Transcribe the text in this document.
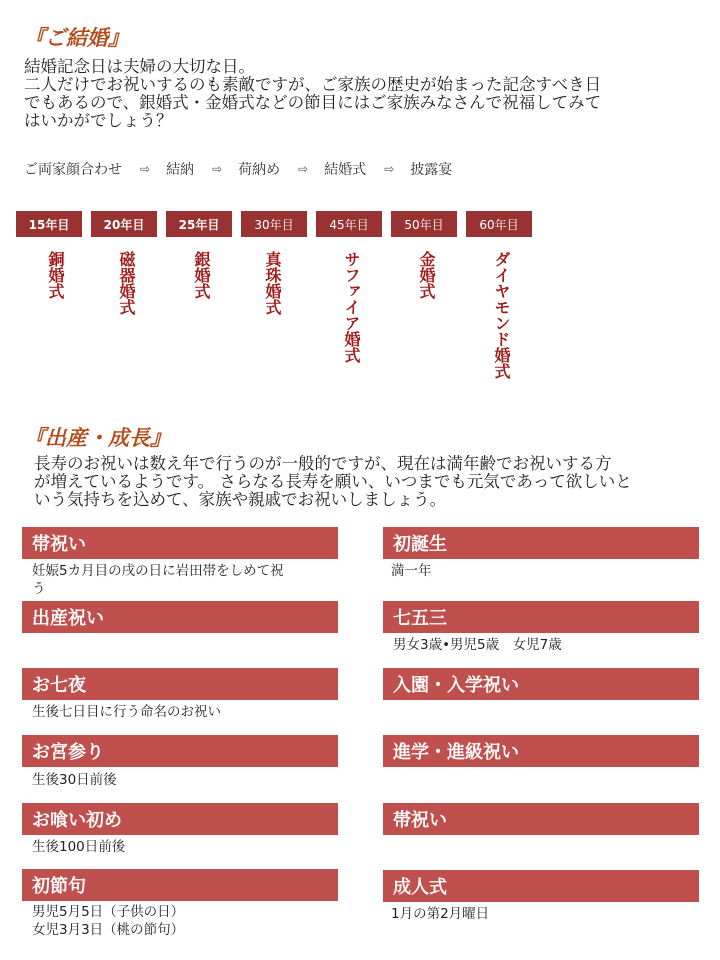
『ご結婚』

結婚記念日は夫婦の大切な日。

二人だけでお祝いするのも素敵ですが、ご家族の歴史が始まった記念すべき日

でもあるので、銀婚式・金婚式などの節目にはご家族みなさんで祝福してみて

はいかがでしょう？

ご両家顔合わせ ⇨ 結納 ⇨ 荷納め ⇨ 結婚式 ⇨ 披露宴
15年目	20年目	25年目	30年目	45年目	50年目	60年目
銅婚式	磁器婚式	銀婚式	真珠婚式	サファイア婚式	金婚式	ダイヤモンド婚式
『出産・成長』

長寿のお祝いは数え年で行うのが一般的ですが、現在は満年齢でお祝いする方

が増えているようです。 さらなる長寿を願い、いつまでも元気であって欲しいと

いう気持ちを込めて、家族や親戚でお祝いしましょう。

帯祝い

妊娠5カ月目の戌の日に岩田帯をしめて祝

う

出産祝い
お七夜

生後七日目に行う命名のお祝い

お宮参り

生後30日前後

お喰い初め

生後100日前後

初節句

男児5月5日（子供の日）

女児3月3日（桃の節句）

初誕生

満一年

七五三

男女3歳•男児5歳　女児7歳

入園・入学祝い
進学・進級祝い
帯祝い
成人式

1月の第2月曜日
